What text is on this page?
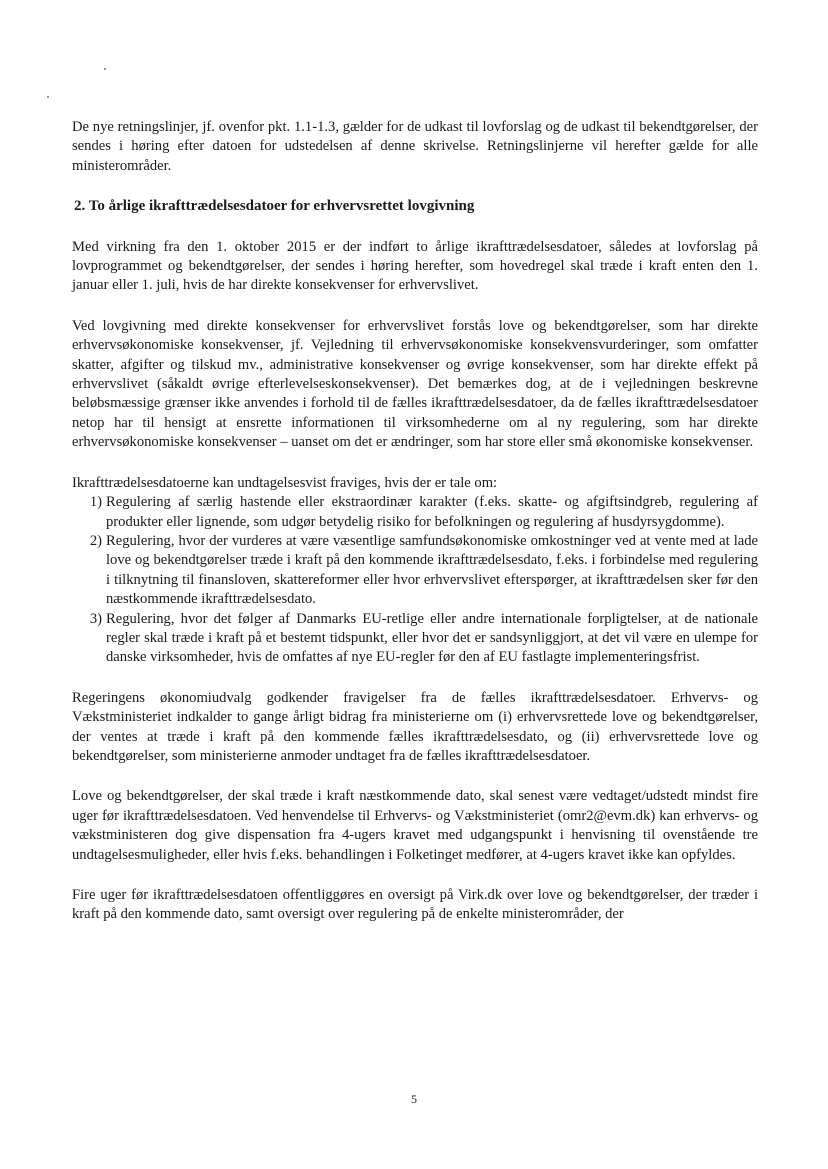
De nye retningslinjer, jf. ovenfor pkt. 1.1-1.3, gælder for de udkast til lovforslag og de udkast til bekendtgørelser, der sendes i høring efter datoen for udstedelsen af denne skrivelse. Retningslinjerne vil herefter gælde for alle ministerområder.

2. To årlige ikrafttrædelsesdatoer for erhvervsrettet lovgivning

Med virkning fra den 1. oktober 2015 er der indført to årlige ikrafttrædelsesdatoer, således at lovforslag på lovprogrammet og bekendtgørelser, der sendes i høring herefter, som hovedregel skal træde i kraft enten den 1. januar eller 1. juli, hvis de har direkte konsekvenser for erhvervslivet.

Ved lovgivning med direkte konsekvenser for erhvervslivet forstås love og bekendtgørelser, som har direkte erhvervsøkonomiske konsekvenser, jf. Vejledning til erhvervsøkonomiske konsekvensvurderinger, som omfatter skatter, afgifter og tilskud mv., administrative konsekvenser og øvrige konsekvenser, som har direkte effekt på erhvervslivet (såkaldt øvrige efterlevelseskonsekvenser). Det bemærkes dog, at de i vejledningen beskrevne beløbsmæssige grænser ikke anvendes i forhold til de fælles ikrafttrædelsesdatoer, da de fælles ikrafttrædelsesdatoer netop har til hensigt at ensrette informationen til virksomhederne om al ny regulering, som har direkte erhvervsøkonomiske konsekvenser – uanset om det er ændringer, som har store eller små økonomiske konsekvenser.

Ikrafttrædelsesdatoerne kan undtagelsesvist fraviges, hvis der er tale om:

1) Regulering af særlig hastende eller ekstraordinær karakter (f.eks. skatte- og afgiftsindgreb, regulering af produkter eller lignende, som udgør betydelig risiko for befolkningen og regulering af husdyrsygdomme).
2) Regulering, hvor der vurderes at være væsentlige samfundsøkonomiske omkostninger ved at vente med at lade love og bekendtgørelser træde i kraft på den kommende ikrafttrædelsesdato, f.eks. i forbindelse med regulering i tilknytning til finansloven, skattereformer eller hvor erhvervslivet efterspørger, at ikrafttrædelsen sker før den næstkommende ikrafttrædelsesdato.
3) Regulering, hvor det følger af Danmarks EU-retlige eller andre internationale forpligtelser, at de nationale regler skal træde i kraft på et bestemt tidspunkt, eller hvor det er sandsynliggjort, at det vil være en ulempe for danske virksomheder, hvis de omfattes af nye EU-regler før den af EU fastlagte implementeringsfrist.

Regeringens økonomiudvalg godkender fravigelser fra de fælles ikrafttrædelsesdatoer. Erhvervs- og Vækstministeriet indkalder to gange årligt bidrag fra ministerierne om (i) erhvervsrettede love og bekendtgørelser, der ventes at træde i kraft på den kommende fælles ikrafttrædelsesdato, og (ii) erhvervsrettede love og bekendtgørelser, som ministerierne anmoder undtaget fra de fælles ikrafttrædelsesdatoer.

Love og bekendtgørelser, der skal træde i kraft næstkommende dato, skal senest være vedtaget/udstedt mindst fire uger før ikrafttrædelsesdatoen. Ved henvendelse til Erhvervs- og Vækstministeriet (omr2@evm.dk) kan erhvervs- og vækstministeren dog give dispensation fra 4-ugers kravet med udgangspunkt i henvisning til ovenstående tre undtagelsesmuligheder, eller hvis f.eks. behandlingen i Folketinget medfører, at 4-ugers kravet ikke kan opfyldes.

Fire uger før ikrafttrædelsesdatoen offentliggøres en oversigt på Virk.dk over love og bekendtgørelser, der træder i kraft på den kommende dato, samt oversigt over regulering på de enkelte ministerområder, der

5
